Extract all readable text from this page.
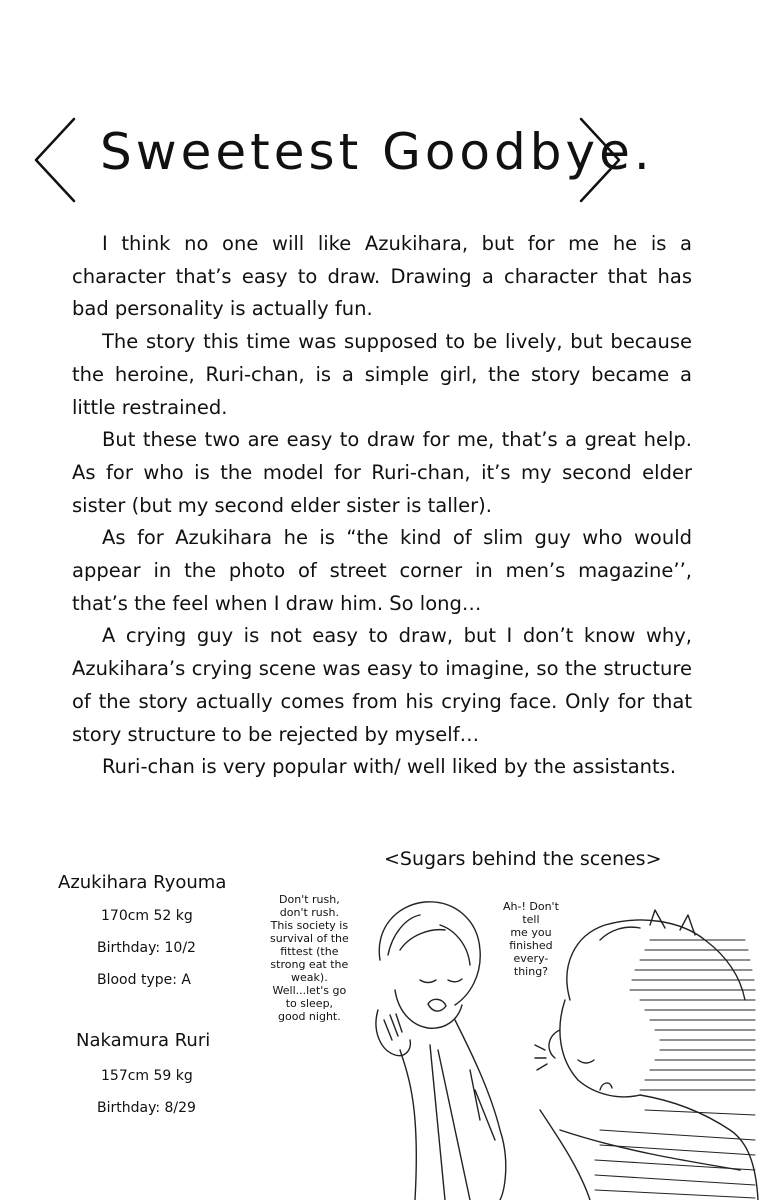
Sweetest Goodbye.

I think no one will like Azukihara, but for me he is a character that’s easy to draw. Drawing a character that has bad personality is actually fun.

The story this time was supposed to be lively, but because the heroine, Ruri-chan, is a simple girl, the story became a little restrained.

But these two are easy to draw for me, that’s a great help. As for who is the model for Ruri-chan, it’s my second elder sister (but my second elder sister is taller).

As for Azukihara he is “the kind of slim guy who would appear in the photo of street corner in men’s magazine’’, that’s the feel when I draw him. So long…

A crying guy is not easy to draw, but I don’t know why, Azukihara’s crying scene was easy to imagine, so the structure of the story actually comes from his crying face. Only for that story structure to be rejected by myself…

Ruri-chan is very popular with/ well liked by the assistants.

Azukihara Ryouma
170cm 52 kg
Birthday: 10/2
Blood type: A
Nakamura Ruri
157cm 59 kg
Birthday: 8/29
<Sugars behind the scenes>
Don't rush,
don't rush.
This society is
survival of the
fittest (the
strong eat the
weak).
Well...let's go
to sleep,
good night.
Ah-! Don't
tell
me you
finished
every-
thing?
